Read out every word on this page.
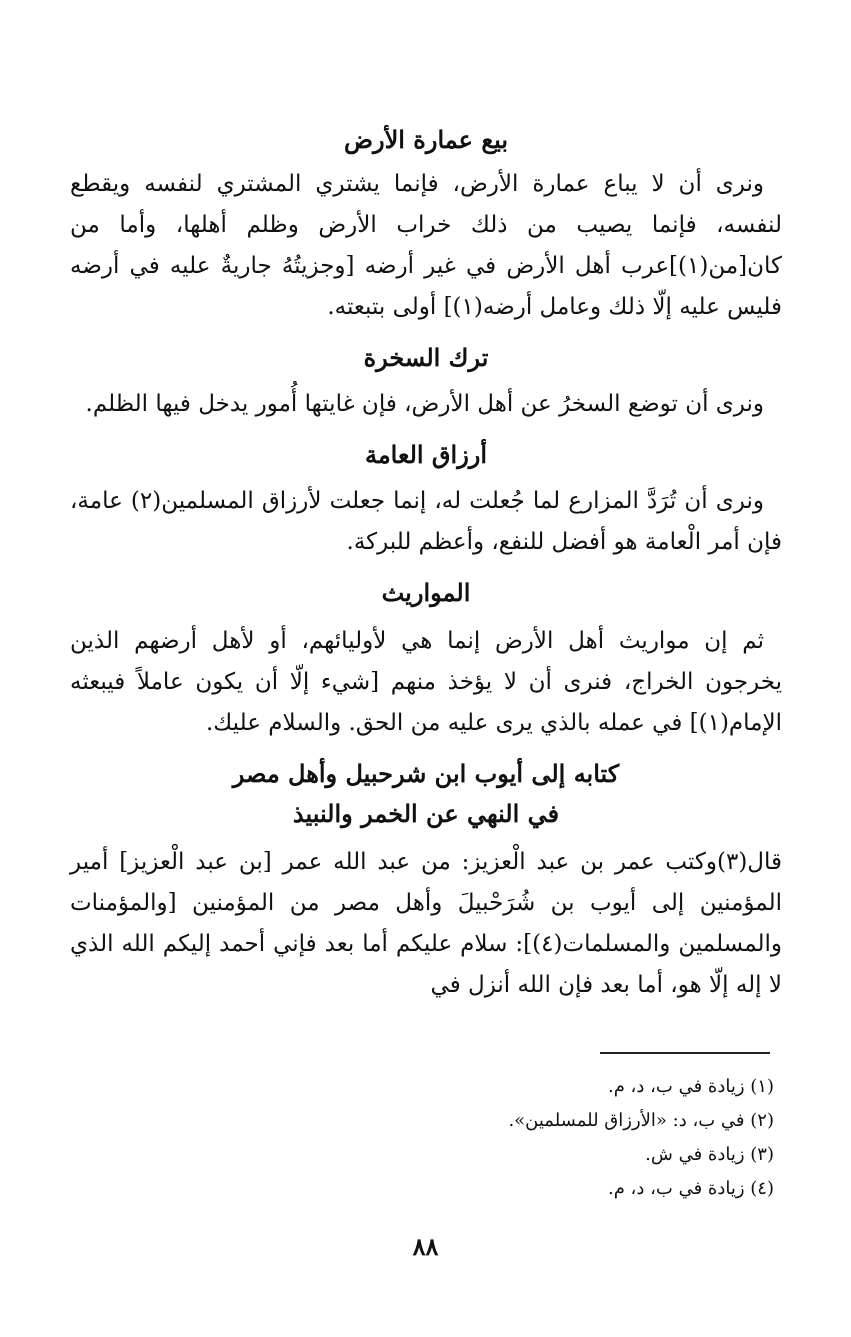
بيع عمارة الأرض

ونرى أن لا يباع عمارة الأرض، فإنما يشتري المشتري لنفسه ويقطع لنفسه، فإنما يصيب من ذلك خراب الأرض وظلم أهلها، وأما من كان[من(١)]عرب أهل الأرض في غير أرضه [وجزيتُهُ جاريةٌ عليه في أرضه فليس عليه إلّا ذلك وعامل أرضه(١)] أولى بتبعته.

ترك السخرة

ونرى أن توضع السخرُ عن أهل الأرض، فإن غايتها أُمور يدخل فيها الظلم.

أرزاق العامة

ونرى أن تُرَدَّ المزارع لما جُعلت له، إنما جعلت لأرزاق المسلمين(٢) عامة، فإن أمر الْعامة هو أفضل للنفع، وأعظم للبركة.

المواريث

ثم إن مواريث أهل الأرض إنما هي لأوليائهم، أو لأهل أرضهم الذين يخرجون الخراج، فنرى أن لا يؤخذ منهم [شيء إلّا أن يكون عاملاً فيبعثه الإمام(١)] في عمله بالذي يرى عليه من الحق. والسلام عليك.

كتابه إلى أيوب ابن شرحبيل وأهل مصر
في النهي عن الخمر والنبيذ

قال(٣)وكتب عمر بن عبد الْعزيز: من عبد الله عمر [بن عبد الْعزيز] أمير المؤمنين إلى أيوب بن شُرَحْبيلَ وأهل مصر من المؤمنين [والمؤمنات والمسلمين والمسلمات(٤)]: سلام عليكم أما بعد فإني أحمد إليكم الله الذي لا إله إلّا هو، أما بعد فإن الله أنزل في

(١) زيادة في ب، د، م.

(٢) في ب، د: «الأرزاق للمسلمين».

(٣) زيادة في ش.

(٤) زيادة في ب، د، م.

٨٨
